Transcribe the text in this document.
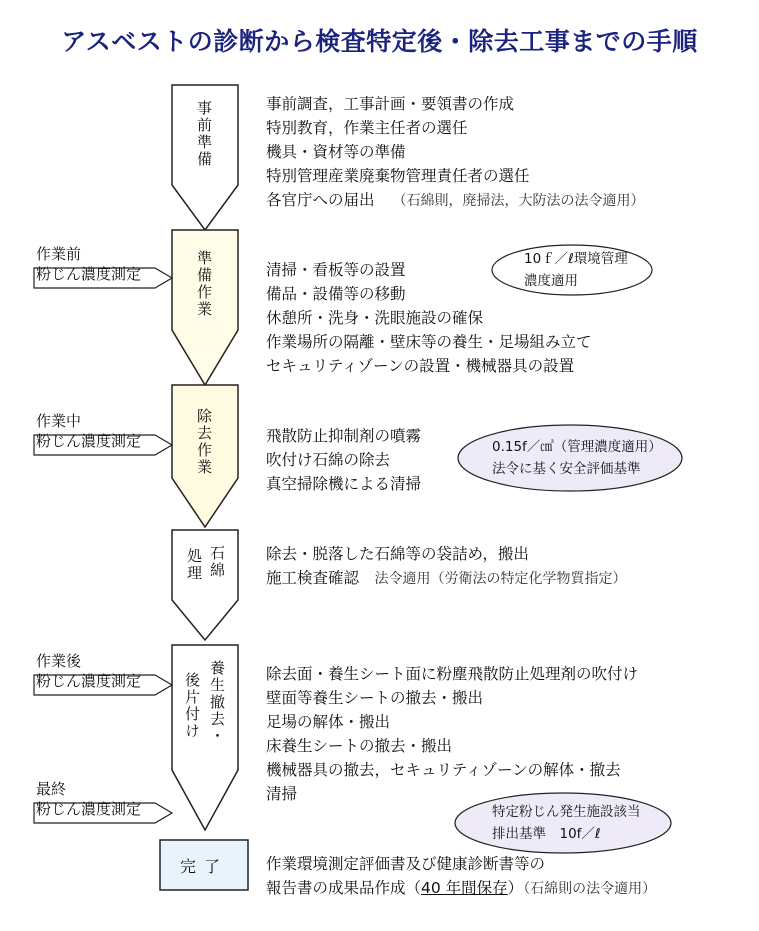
アスベストの診断から検査特定後・除去工事までの手順
事前準備
準備作業
除去作業
石綿
処理
養生撤去・
後片付け
事前調査，工事計画・要領書の作成
特別教育，作業主任者の選任
機具・資材等の準備
特別管理産業廃棄物管理責任者の選任
各官庁への届出 （石綿則，廃掃法，大防法の法令適用）
清掃・看板等の設置
備品・設備等の移動
休憩所・洗身・洗眼施設の確保
作業場所の隔離・壁床等の養生・足場組み立て
セキュリティゾーンの設置・機械器具の設置
飛散防止抑制剤の噴霧
吹付け石綿の除去
真空掃除機による清掃
除去・脱落した石綿等の袋詰め，搬出
施工検査確認　 法令適用（労衛法の特定化学物質指定）
除去面・養生シート面に粉塵飛散防止処理剤の吹付け
壁面等養生シートの撤去・搬出
足場の解体・搬出
床養生シートの撤去・搬出
機械器具の撤去，セキュリティゾーンの解体・撤去
清掃
完了 作業環境測定評価書及び健康診断書等の
報告書の成果品作成（40 年間保存）（石綿則の法令適用）
作業前
粉じん濃度測定
作業中
粉じん濃度測定
作業後
粉じん濃度測定
最終
粉じん濃度測定
10ｆ／ℓ環境管理
濃度適用
0.15f／㎤（管理濃度適用）
法令に基く安全評価基準
特定粉じん発生施設該当
排出基準　10f／ℓ
